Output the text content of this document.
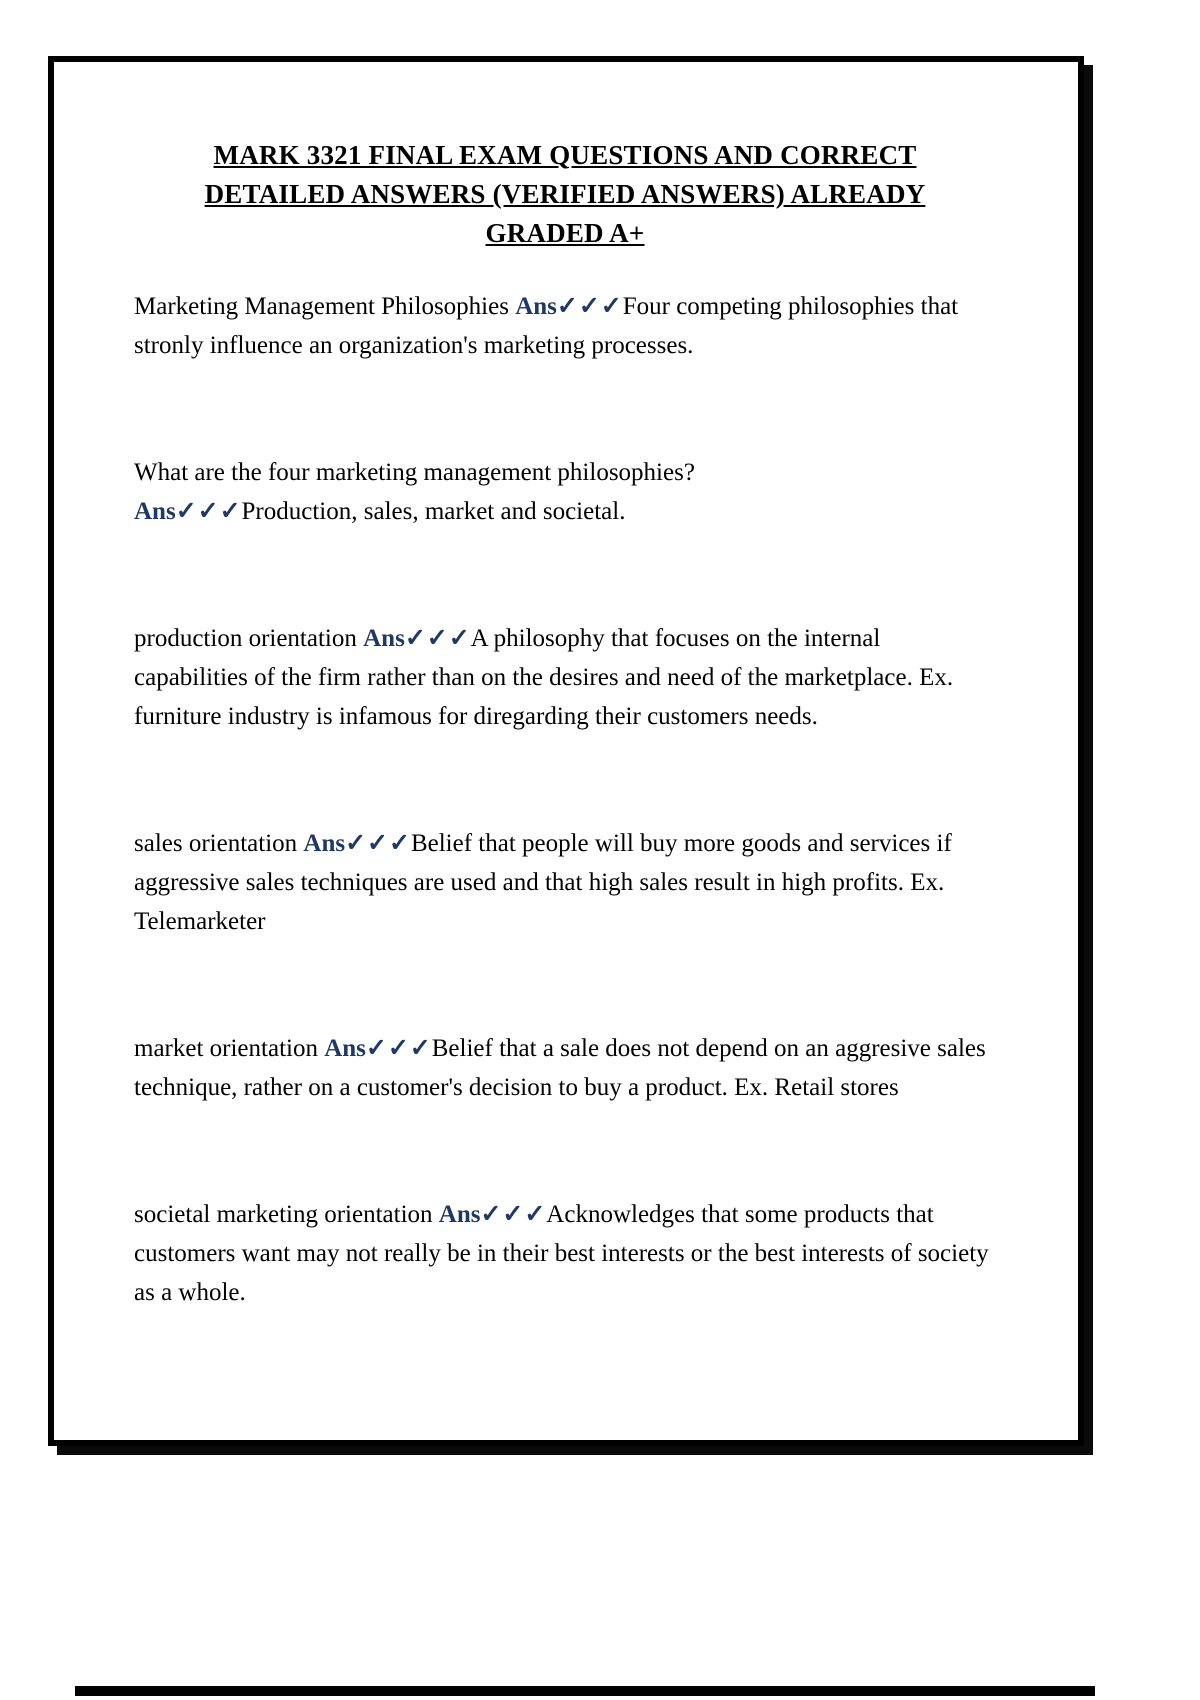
MARK 3321 FINAL EXAM QUESTIONS AND CORRECT
DETAILED ANSWERS (VERIFIED ANSWERS) ALREADY
GRADED A+
Marketing Management Philosophies Ans✓✓✓Four competing philosophies that stronly influence an organization's marketing processes.
What are the four marketing management philosophies?
Ans✓✓✓Production, sales, market and societal.
production orientation Ans✓✓✓A philosophy that focuses on the internal capabilities of the firm rather than on the desires and need of the marketplace. Ex. furniture industry is infamous for diregarding their customers needs.
sales orientation Ans✓✓✓Belief that people will buy more goods and services if aggressive sales techniques are used and that high sales result in high profits. Ex. Telemarketer
market orientation Ans✓✓✓Belief that a sale does not depend on an aggresive sales technique, rather on a customer's decision to buy a product. Ex. Retail stores
societal marketing orientation Ans✓✓✓Acknowledges that some products that customers want may not really be in their best interests or the best interests of society as a whole.
